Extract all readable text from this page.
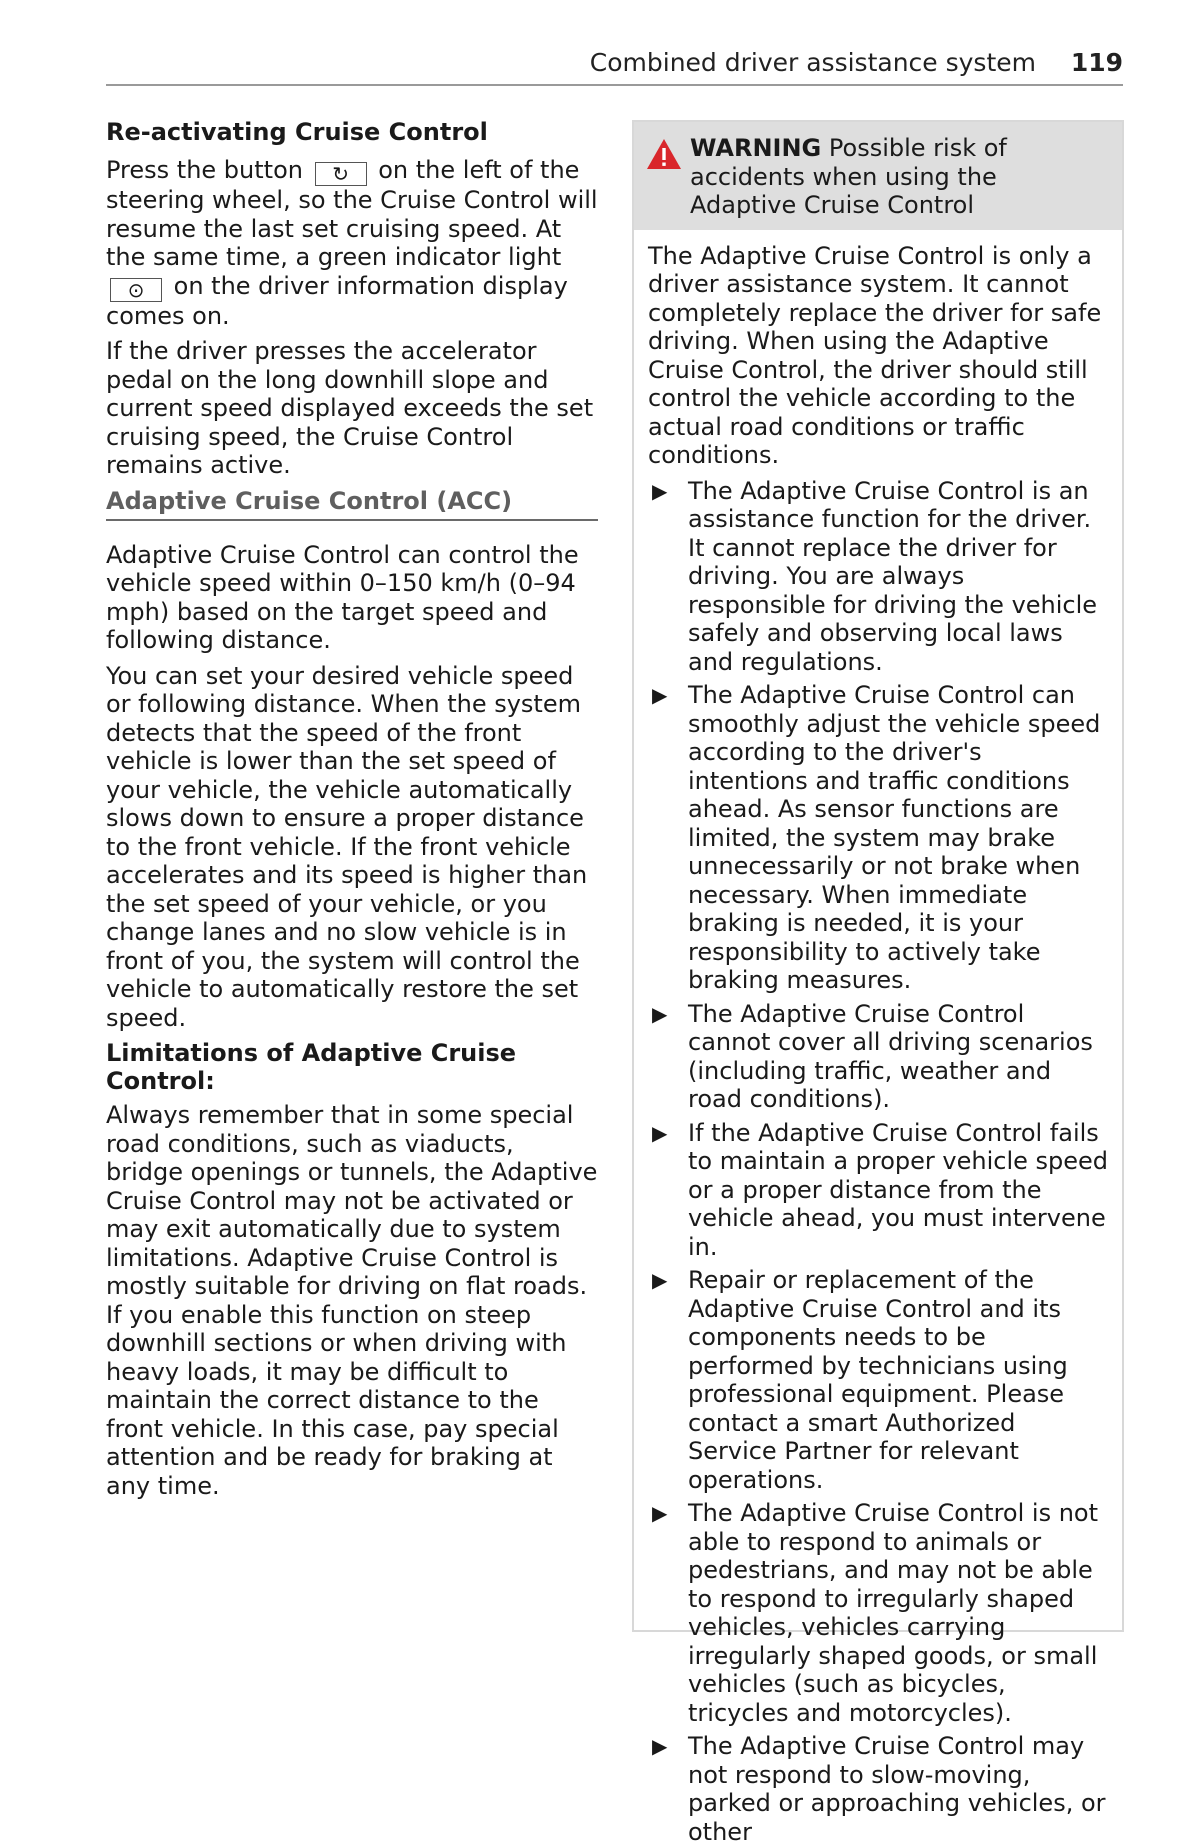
Combined driver assistance system 119
Re-activating Cruise Control

Press the button ↻ on the left of the steering wheel, so the Cruise Control will resume the last set cruising speed. At the same time, a green indicator light ⊙ on the driver information display comes on.

If the driver presses the accelerator pedal on the long downhill slope and current speed displayed exceeds the set cruising speed, the Cruise Control remains active.

Adaptive Cruise Control (ACC)

Adaptive Cruise Control can control the vehicle speed within 0–150 km/h (0–94 mph) based on the target speed and following distance.

You can set your desired vehicle speed or following distance. When the system detects that the speed of the front vehicle is lower than the set speed of your vehicle, the vehicle automatically slows down to ensure a proper distance to the front vehicle. If the front vehicle accelerates and its speed is higher than the set speed of your vehicle, or you change lanes and no slow vehicle is in front of you, the system will control the vehicle to automatically restore the set speed.

Limitations of Adaptive Cruise Control:

Always remember that in some special road conditions, such as viaducts, bridge openings or tunnels, the Adaptive Cruise Control may not be activated or may exit automatically due to system limitations. Adaptive Cruise Control is mostly suitable for driving on flat roads. If you enable this function on steep downhill sections or when driving with heavy loads, it may be difficult to maintain the correct distance to the front vehicle. In this case, pay special attention and be ready for braking at any time.

WARNING Possible risk of accidents when using the Adaptive Cruise Control

The Adaptive Cruise Control is only a driver assistance system. It cannot completely replace the driver for safe driving. When using the Adaptive Cruise Control, the driver should still control the vehicle according to the actual road conditions or traffic conditions.

▶ The Adaptive Cruise Control is an assistance function for the driver. It cannot replace the driver for driving. You are always responsible for driving the vehicle safely and observing local laws and regulations.
▶ The Adaptive Cruise Control can smoothly adjust the vehicle speed according to the driver's intentions and traffic conditions ahead. As sensor functions are limited, the system may brake unnecessarily or not brake when necessary. When immediate braking is needed, it is your responsibility to actively take braking measures.
▶ The Adaptive Cruise Control cannot cover all driving scenarios (including traffic, weather and road conditions).
▶ If the Adaptive Cruise Control fails to maintain a proper vehicle speed or a proper distance from the vehicle ahead, you must intervene in.
▶ Repair or replacement of the Adaptive Cruise Control and its components needs to be performed by technicians using professional equipment. Please contact a smart Authorized Service Partner for relevant operations.
▶ The Adaptive Cruise Control is not able to respond to animals or pedestrians, and may not be able to respond to irregularly shaped vehicles, vehicles carrying irregularly shaped goods, or small vehicles (such as bicycles, tricycles and motorcycles).
▶ The Adaptive Cruise Control may not respond to slow-moving, parked or approaching vehicles, or other
